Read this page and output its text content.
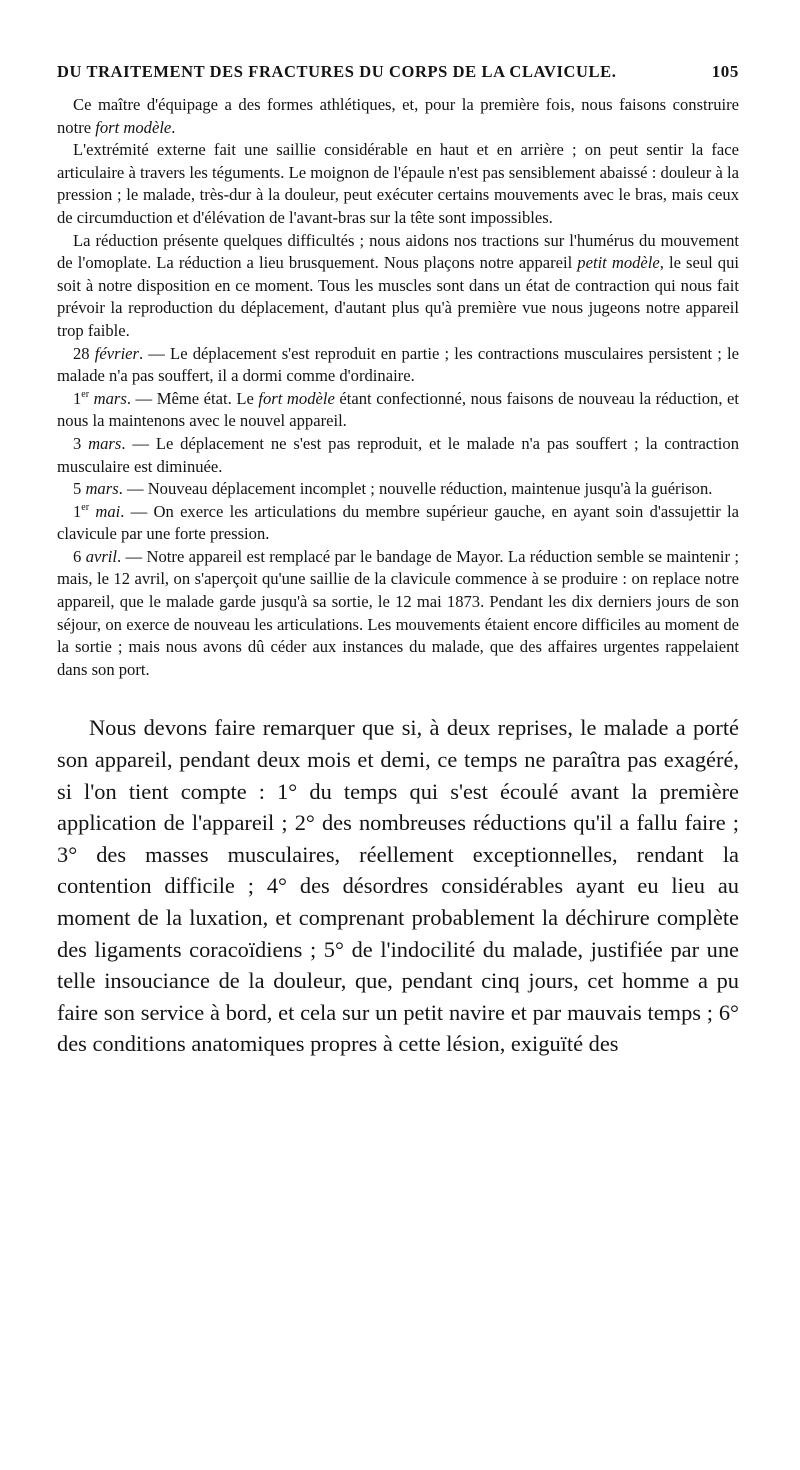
DU TRAITEMENT DES FRACTURES DU CORPS DE LA CLAVICULE.	105

Ce maître d'équipage a des formes athlétiques, et, pour la première fois, nous faisons construire notre fort modèle.

L'extrémité externe fait une saillie considérable en haut et en arrière ; on peut sentir la face articulaire à travers les téguments. Le moignon de l'épaule n'est pas sensiblement abaissé : douleur à la pression ; le malade, très-dur à la douleur, peut exécuter certains mouvements avec le bras, mais ceux de circumduction et d'élévation de l'avant-bras sur la tête sont impossibles.

La réduction présente quelques difficultés ; nous aidons nos tractions sur l'humérus du mouvement de l'omoplate. La réduction a lieu brusquement. Nous plaçons notre appareil petit modèle, le seul qui soit à notre disposition en ce moment. Tous les muscles sont dans un état de contraction qui nous fait prévoir la reproduction du déplacement, d'autant plus qu'à première vue nous jugeons notre appareil trop faible.

28 février. — Le déplacement s'est reproduit en partie ; les contractions musculaires persistent ; le malade n'a pas souffert, il a dormi comme d'ordinaire.

1er mars. — Même état. Le fort modèle étant confectionné, nous faisons de nouveau la réduction, et nous la maintenons avec le nouvel appareil.

3 mars. — Le déplacement ne s'est pas reproduit, et le malade n'a pas souffert ; la contraction musculaire est diminuée.

5 mars. — Nouveau déplacement incomplet ; nouvelle réduction, maintenue jusqu'à la guérison.

1er mai. — On exerce les articulations du membre supérieur gauche, en ayant soin d'assujettir la clavicule par une forte pression.

6 avril. — Notre appareil est remplacé par le bandage de Mayor. La réduction semble se maintenir ; mais, le 12 avril, on s'aperçoit qu'une saillie de la clavicule commence à se produire : on replace notre appareil, que le malade garde jusqu'à sa sortie, le 12 mai 1873. Pendant les dix derniers jours de son séjour, on exerce de nouveau les articulations. Les mouvements étaient encore difficiles au moment de la sortie ; mais nous avons dû céder aux instances du malade, que des affaires urgentes rappelaient dans son port.

Nous devons faire remarquer que si, à deux reprises, le malade a porté son appareil, pendant deux mois et demi, ce temps ne paraîtra pas exagéré, si l'on tient compte : 1° du temps qui s'est écoulé avant la première application de l'appareil ; 2° des nombreuses réductions qu'il a fallu faire ; 3° des masses musculaires, réellement exceptionnelles, rendant la contention difficile ; 4° des désordres considérables ayant eu lieu au moment de la luxation, et comprenant probablement la déchirure complète des ligaments coracoïdiens ; 5° de l'indocilité du malade, justifiée par une telle insouciance de la douleur, que, pendant cinq jours, cet homme a pu faire son service à bord, et cela sur un petit navire et par mauvais temps ; 6° des conditions anatomiques propres à cette lésion, exiguïté des
